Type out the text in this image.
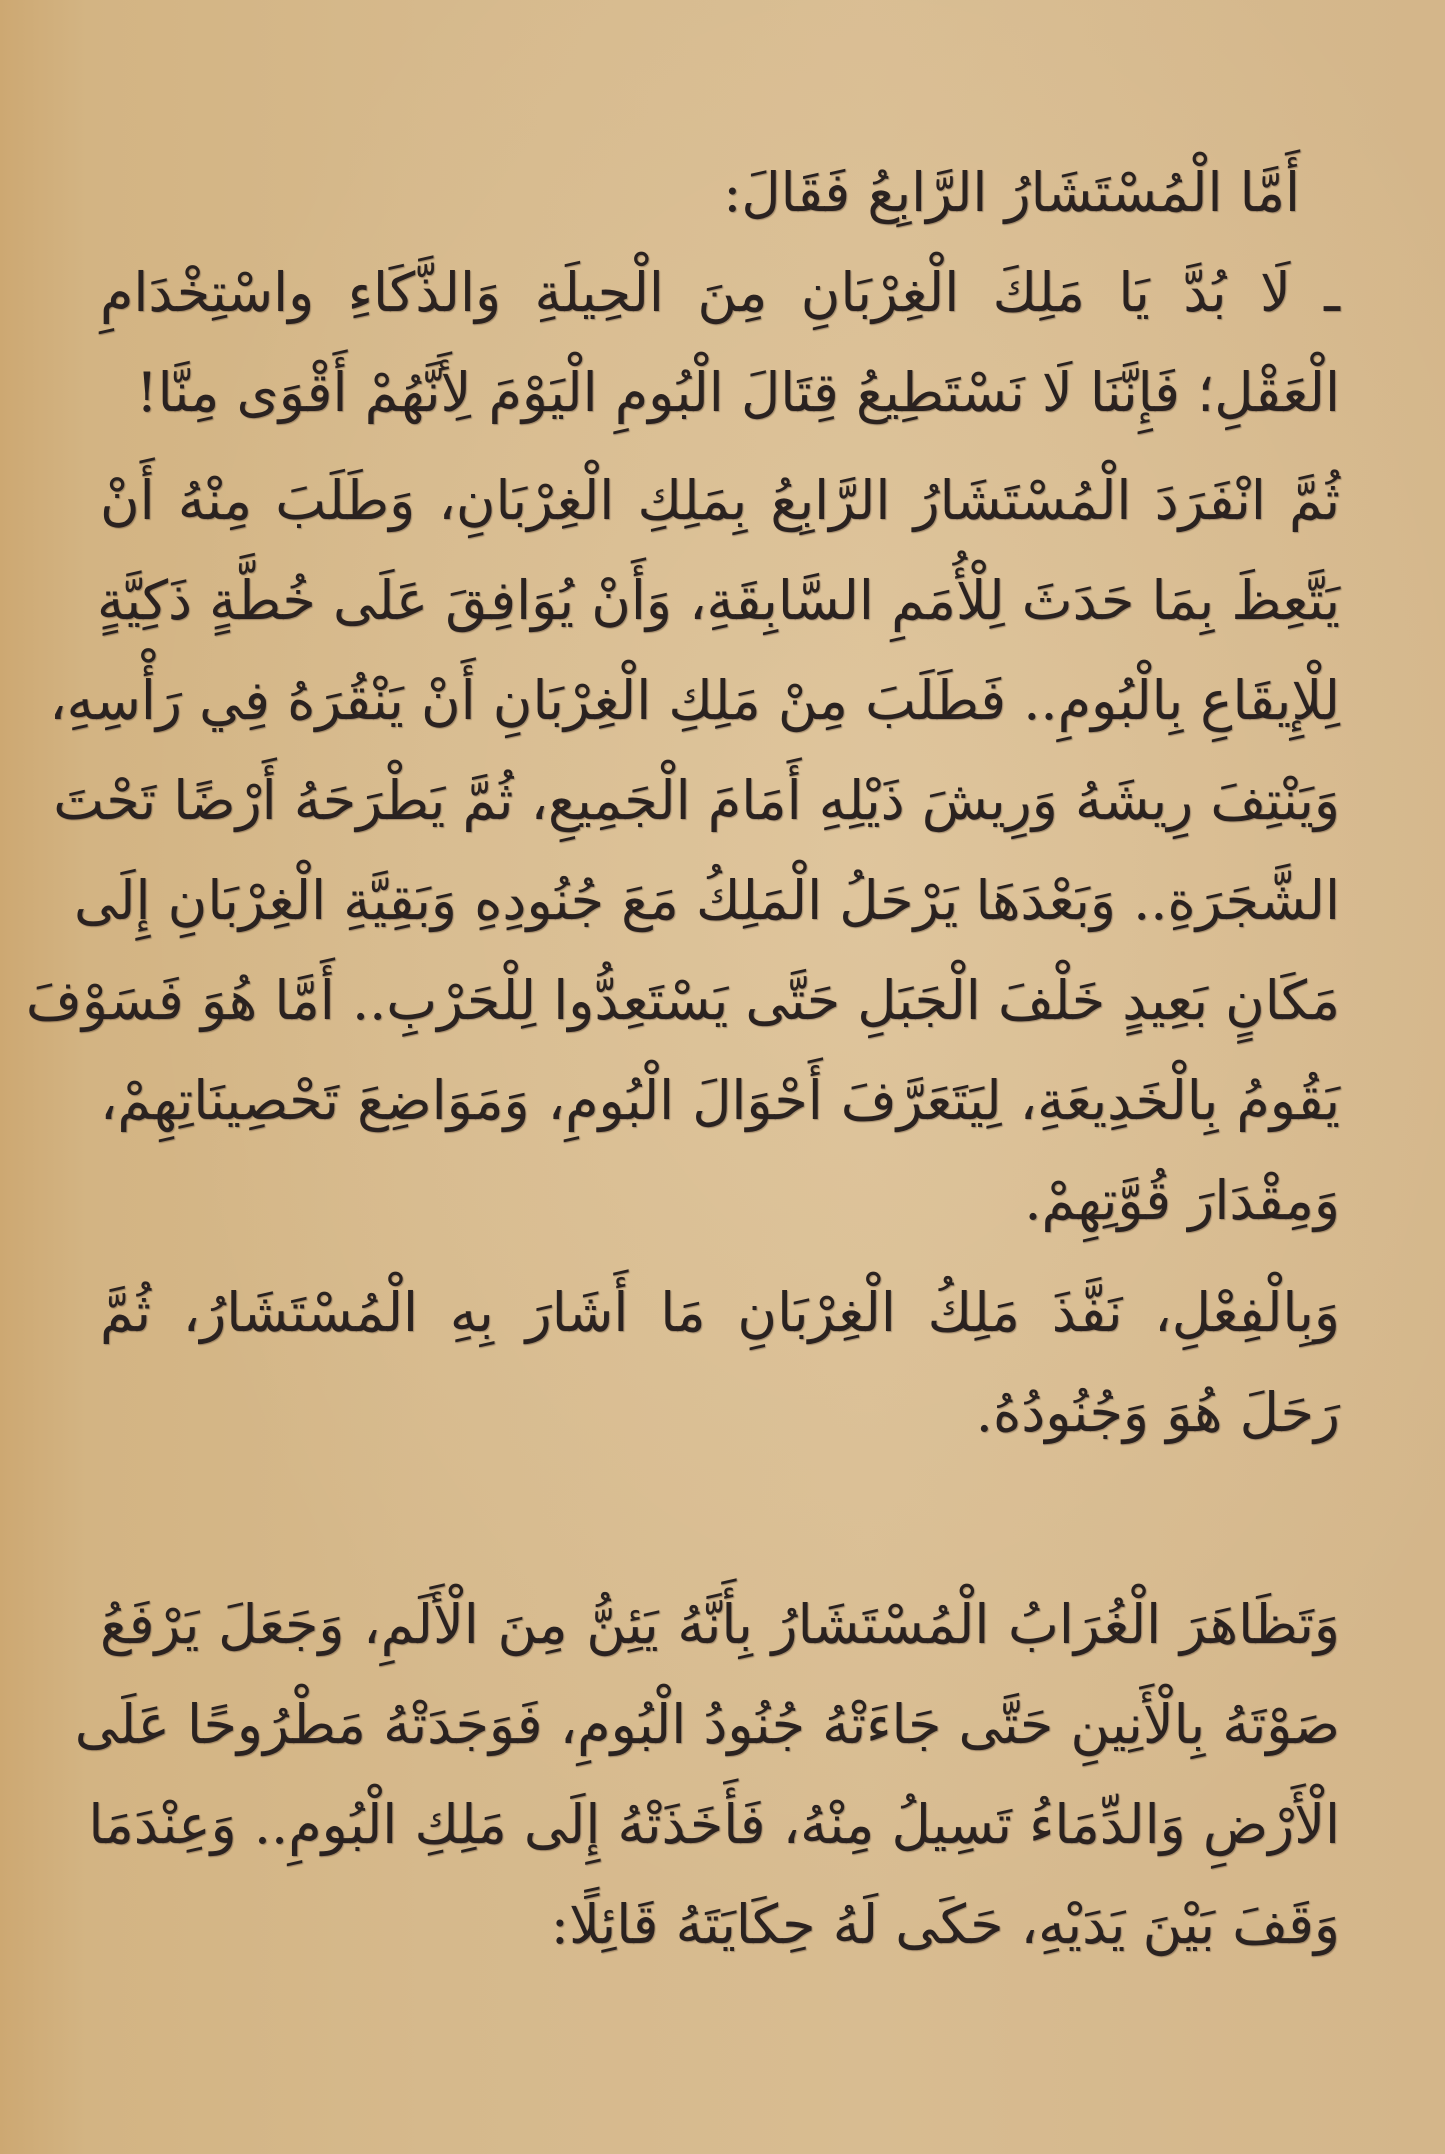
أَمَّا الْمُسْتَشَارُ الرَّابِعُ فَقَالَ:
ـ لَا بُدَّ يَا مَلِكَ الْغِرْبَانِ مِنَ الْحِيلَةِ وَالذَّكَاءِ واسْتِخْدَامِ
الْعَقْلِ؛ فَإِنَّنَا لَا نَسْتَطِيعُ قِتَالَ الْبُومِ الْيَوْمَ لِأَنَّهُمْ أَقْوَى مِنَّا!
ثُمَّ انْفَرَدَ الْمُسْتَشَارُ الرَّابِعُ بِمَلِكِ الْغِرْبَانِ، وَطَلَبَ مِنْهُ أَنْ
يَتَّعِظَ بِمَا حَدَثَ لِلْأُمَمِ السَّابِقَةِ، وَأَنْ يُوَافِقَ عَلَى خُطَّةٍ ذَكِيَّةٍ
لِلْإِيقَاعِ بِالْبُومِ.. فَطَلَبَ مِنْ مَلِكِ الْغِرْبَانِ أَنْ يَنْقُرَهُ فِي رَأْسِهِ،
وَيَنْتِفَ رِيشَهُ وَرِيشَ ذَيْلِهِ أَمَامَ الْجَمِيعِ، ثُمَّ يَطْرَحَهُ أَرْضًا تَحْتَ
الشَّجَرَةِ.. وَبَعْدَهَا يَرْحَلُ الْمَلِكُ مَعَ جُنُودِهِ وَبَقِيَّةِ الْغِرْبَانِ إِلَى
مَكَانٍ بَعِيدٍ خَلْفَ الْجَبَلِ حَتَّى يَسْتَعِدُّوا لِلْحَرْبِ.. أَمَّا هُوَ فَسَوْفَ
يَقُومُ بِالْخَدِيعَةِ، لِيَتَعَرَّفَ أَحْوَالَ الْبُومِ، وَمَوَاضِعَ تَحْصِينَاتِهِمْ،
وَمِقْدَارَ قُوَّتِهِمْ.
وَبِالْفِعْلِ، نَفَّذَ مَلِكُ الْغِرْبَانِ مَا أَشَارَ بِهِ الْمُسْتَشَارُ، ثُمَّ
رَحَلَ هُوَ وَجُنُودُهُ.
وَتَظَاهَرَ الْغُرَابُ الْمُسْتَشَارُ بِأَنَّهُ يَئِنُّ مِنَ الْأَلَمِ، وَجَعَلَ يَرْفَعُ
صَوْتَهُ بِالْأَنِينِ حَتَّى جَاءَتْهُ جُنُودُ الْبُومِ، فَوَجَدَتْهُ مَطْرُوحًا عَلَى
الْأَرْضِ وَالدِّمَاءُ تَسِيلُ مِنْهُ، فَأَخَذَتْهُ إِلَى مَلِكِ الْبُومِ.. وَعِنْدَمَا
وَقَفَ بَيْنَ يَدَيْهِ، حَكَى لَهُ حِكَايَتَهُ قَائِلًا:
